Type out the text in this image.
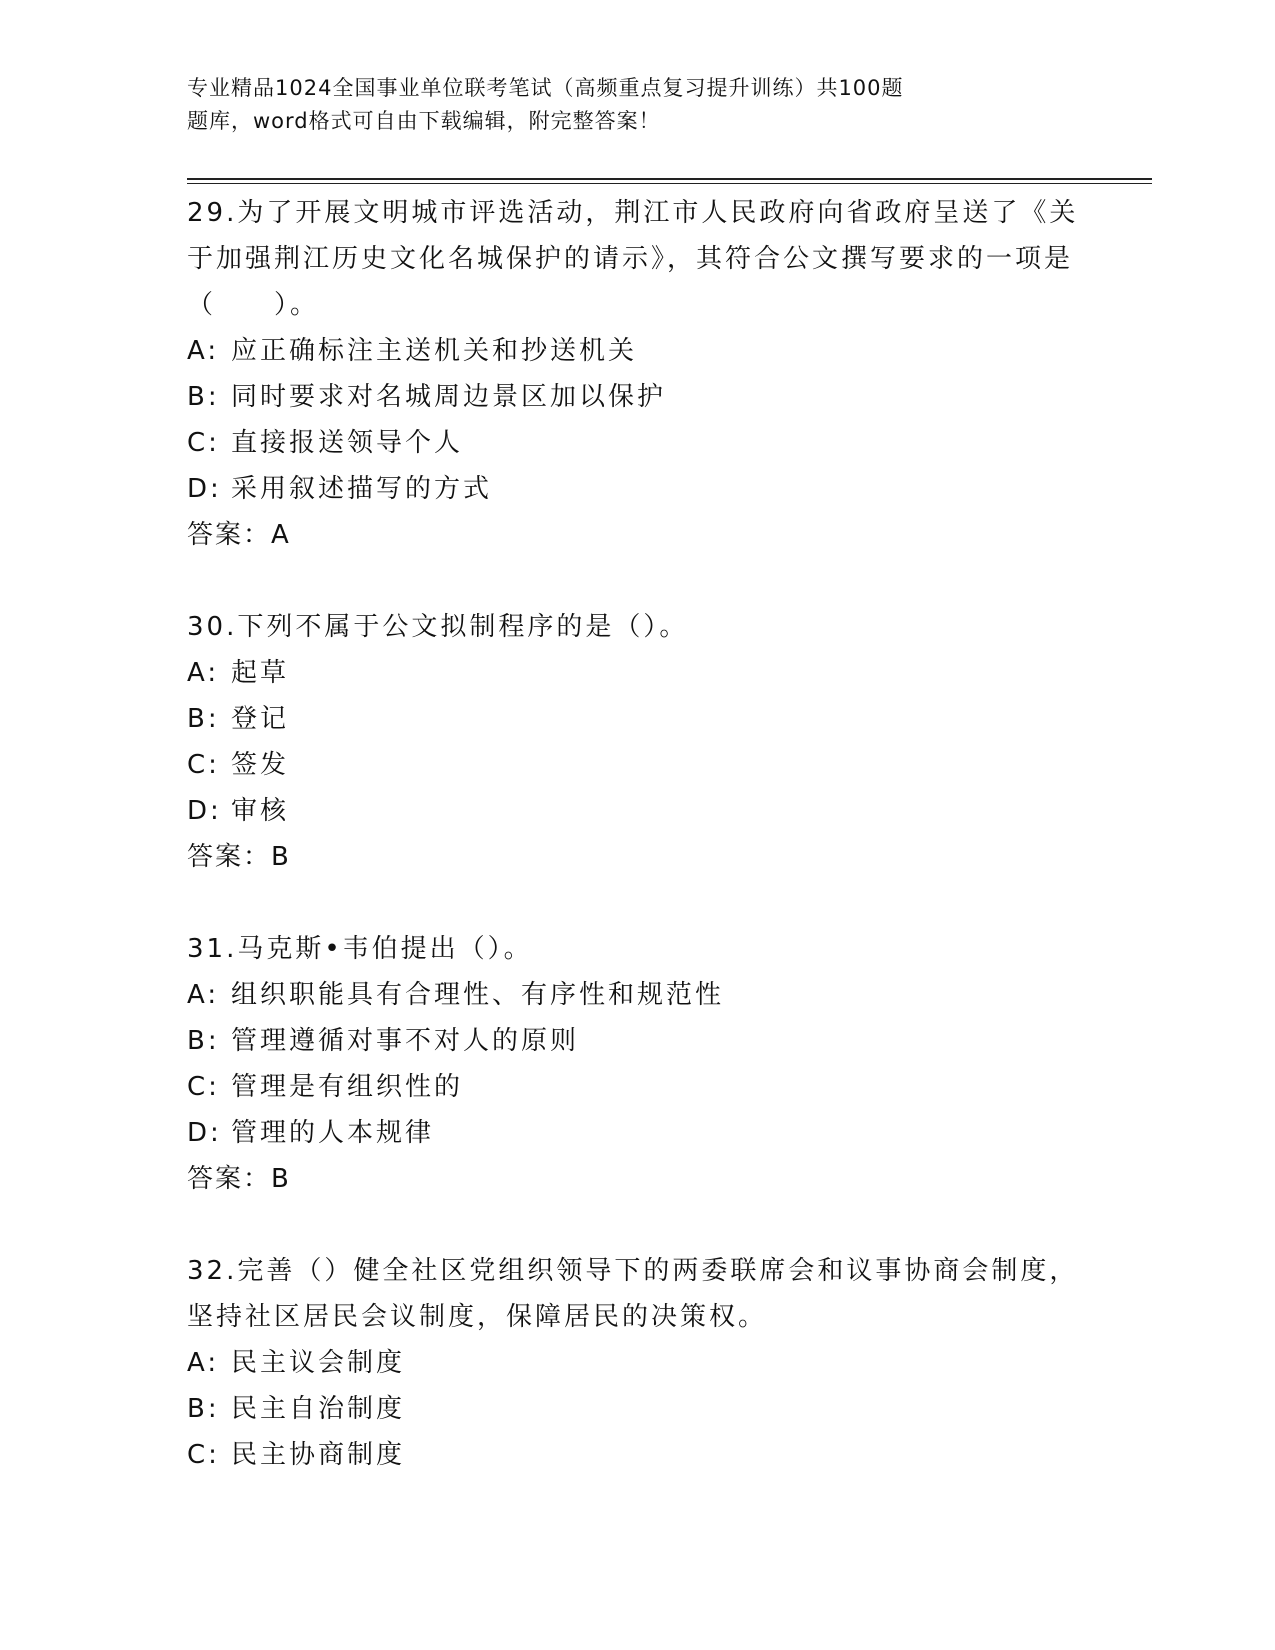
专业精品1024全国事业单位联考笔试（高频重点复习提升训练）共100题
题库，word格式可自由下载编辑，附完整答案！

29.为了开展文明城市评选活动，荆江市人民政府向省政府呈送了《关于加强荆江历史文化名城保护的请示》，其符合公文撰写要求的一项是（　　）。

A: 应正确标注主送机关和抄送机关

B: 同时要求对名城周边景区加以保护

C: 直接报送领导个人

D: 采用叙述描写的方式

答案：A

30.下列不属于公文拟制程序的是（）。

A: 起草

B: 登记

C: 签发

D: 审核

答案：B

31.马克斯•韦伯提出（）。

A: 组织职能具有合理性、有序性和规范性

B: 管理遵循对事不对人的原则

C: 管理是有组织性的

D: 管理的人本规律

答案：B

32.完善（）健全社区党组织领导下的两委联席会和议事协商会制度，坚持社区居民会议制度，保障居民的决策权。

A: 民主议会制度

B: 民主自治制度

C: 民主协商制度
